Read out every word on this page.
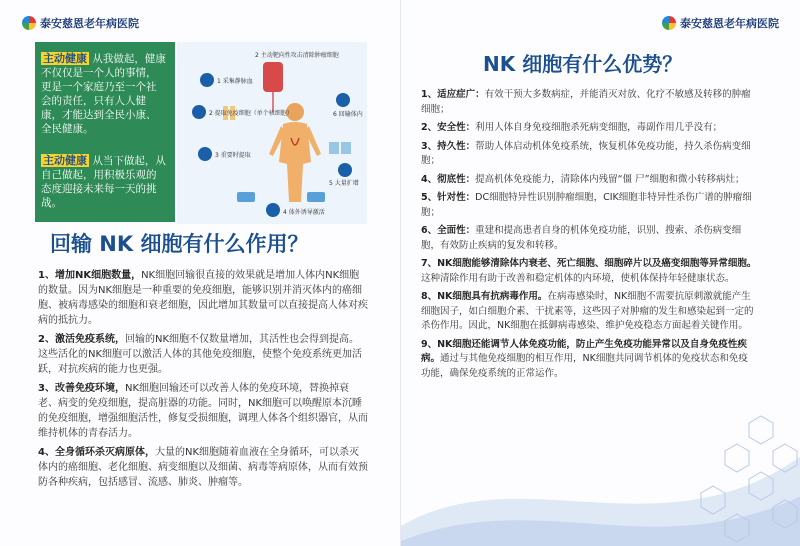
泰安慈恩老年病医院

主动健康 从我做起，健康不仅仅是一个人的事情，更是一个家庭乃至一个社会的责任，只有人人健康，才能达到全民小康、全民健康。

主动健康 从当下做起，从自己做起，用积极乐观的态度迎接未来每一天的挑战。

1 采集静脉血
2 提取免疫细胞（单个核细胞）
3 重要时提取
4 体外诱导激活
5 大量扩增
6 回输体内
2 主动靶向性攻击清除肿瘤细胞
回输 NK 细胞有什么作用？
1、增加NK细胞数量，NK细胞回输很直接的效果就是增加人体内NK细胞的数量。因为NK细胞是一种重要的免疫细胞，能够识别并消灭体内的癌细胞、被病毒感染的细胞和衰老细胞，因此增加其数量可以直接提高人体对疾病的抵抗力。
2、激活免疫系统，回输的NK细胞不仅数量增加，其活性也会得到提高。这些活化的NK细胞可以激活人体的其他免疫细胞，使整个免疫系统更加活跃，对抗疾病的能力也更强。
3、改善免疫环境，NK细胞回输还可以改善人体的免疫环境，替换掉衰老、病变的免疫细胞，提高脏器的功能。同时，NK细胞可以唤醒原本沉睡的免疫细胞，增强细胞活性，修复受损细胞，调理人体各个组织器官，从而维持机体的青春活力。
4、全身循环杀灭病原体，大量的NK细胞随着血液在全身循环，可以杀灭体内的癌细胞、老化细胞、病变细胞以及细菌、病毒等病原体，从而有效预防各种疾病，包括感冒、流感、肺炎、肿瘤等。
泰安慈恩老年病医院
NK 细胞有什么优势？
1、适应症广：有效干预大多数病症，并能消灭对放、化疗不敏感及转移的肿瘤细胞；
2、安全性：利用人体自身免疫细胞杀死病变细胞，毒副作用几乎没有；
3、持久性：帮助人体启动机体免疫系统，恢复机体免疫功能，持久杀伤病变细胞；
4、彻底性：提高机体免疫能力，清除体内残留“僵 尸”细胞和微小转移病灶；
5、针对性：DC细胞特异性识别肿瘤细胞，CIK细胞非特异性杀伤广谱的肿瘤细胞；
6、全面性：重建和提高患者自身的机体免疫功能，识别、搜索、杀伤病变细胞，有效防止疾病的复发和转移。
7、NK细胞能够清除体内衰老、死亡细胞、细胞碎片以及癌变细胞等异常细胞。这种清除作用有助于改善和稳定机体的内环境，使机体保持年轻健康状态。
8、NK细胞具有抗病毒作用。在病毒感染时，NK细胞不需要抗原刺激就能产生细胞因子，如白细胞介素、干扰素等，这些因子对肿瘤的发生和感染起到一定的杀伤作用。因此，NK细胞在抵御病毒感染、维护免疫稳态方面起着关键作用。
9、NK细胞还能调节人体免疫功能，防止产生免疫功能异常以及自身免疫性疾病。通过与其他免疫细胞的相互作用，NK细胞共同调节机体的免疫状态和免疫功能，确保免疫系统的正常运作。
